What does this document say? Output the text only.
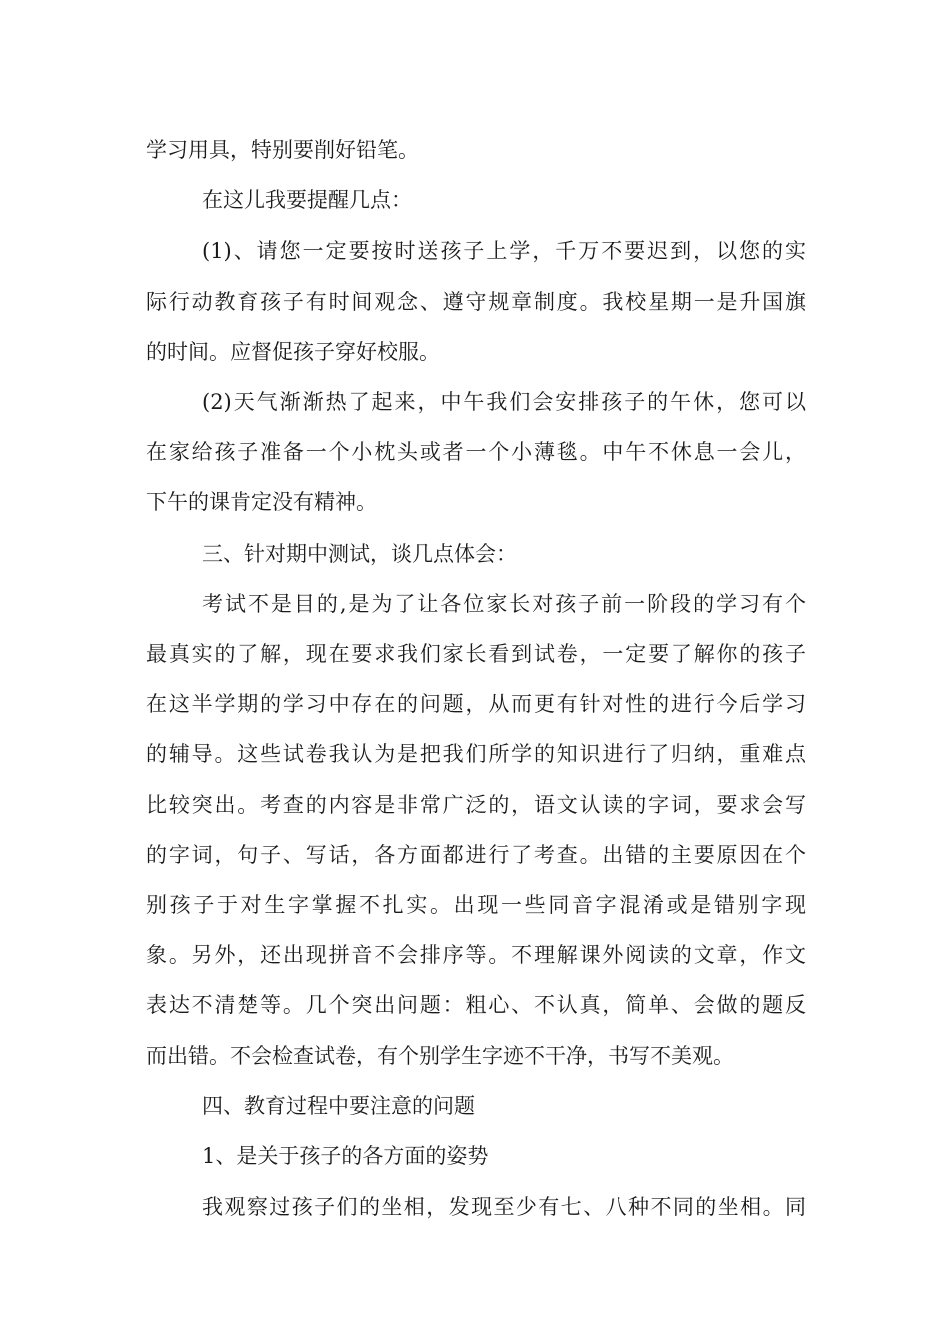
学习用具，特别要削好铅笔。
在这儿我要提醒几点：
(1)、请您一定要按时送孩子上学，千万不要迟到，以您的实
际行动教育孩子有时间观念、遵守规章制度。我校星期一是升国旗
的时间。应督促孩子穿好校服。
(2)天气渐渐热了起来，中午我们会安排孩子的午休，您可以
在家给孩子准备一个小枕头或者一个小薄毯。中午不休息一会儿，
下午的课肯定没有精神。
三、针对期中测试，谈几点体会：
考试不是目的,是为了让各位家长对孩子前一阶段的学习有个
最真实的了解，现在要求我们家长看到试卷，一定要了解你的孩子
在这半学期的学习中存在的问题，从而更有针对性的进行今后学习
的辅导。这些试卷我认为是把我们所学的知识进行了归纳，重难点
比较突出。考查的内容是非常广泛的，语文认读的字词，要求会写
的字词，句子、写话，各方面都进行了考查。出错的主要原因在个
别孩子于对生字掌握不扎实。出现一些同音字混淆或是错别字现
象。另外，还出现拼音不会排序等。不理解课外阅读的文章，作文
表达不清楚等。几个突出问题：粗心、不认真，简单、会做的题反
而出错。不会检查试卷，有个别学生字迹不干净，书写不美观。
四、教育过程中要注意的问题
1、是关于孩子的各方面的姿势
我观察过孩子们的坐相，发现至少有七、八种不同的坐相。同
